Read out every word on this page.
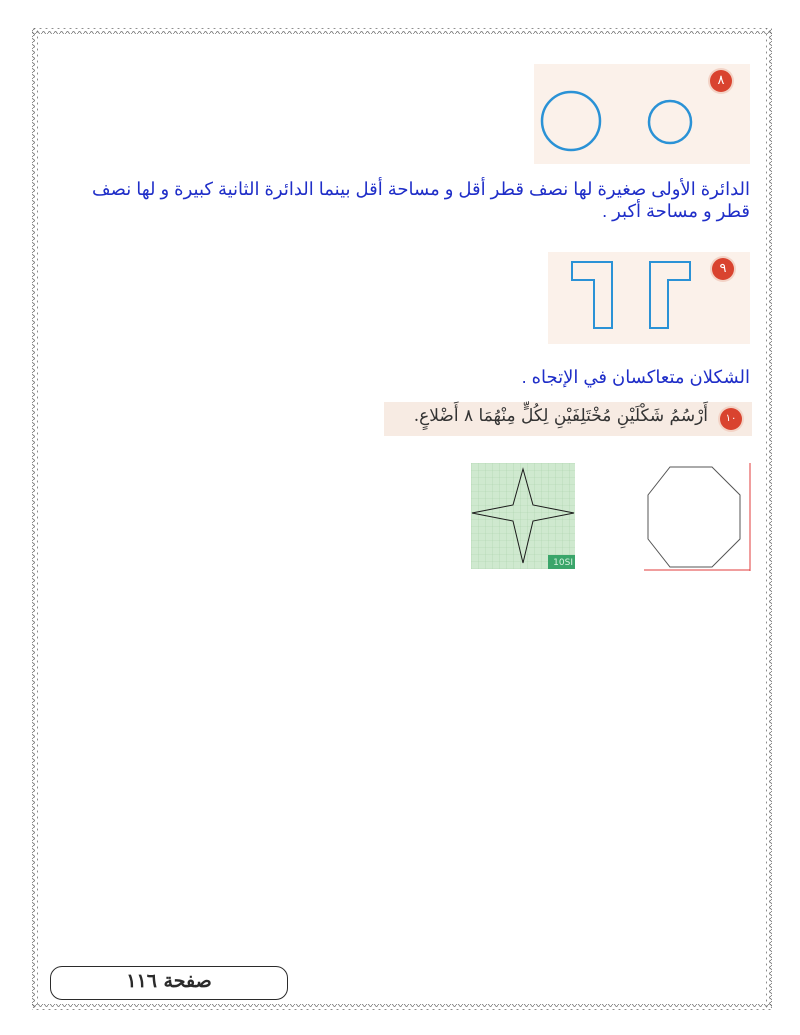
٨
الدائرة الأولى صغيرة لها نصف قطر أقل و مساحة أقل بينما الدائرة الثانية كبيرة و لها نصف قطر و مساحة أكبر .
٩
الشكلان متعاكسان في الإتجاه .
أَرْسُمُ شَكْلَيْنِ مُخْتَلِفَيْنِ لِكُلٍّ مِنْهُمَا ٨ أَضْلاعٍ.	١٠
10SI
صفحة ١١٦
